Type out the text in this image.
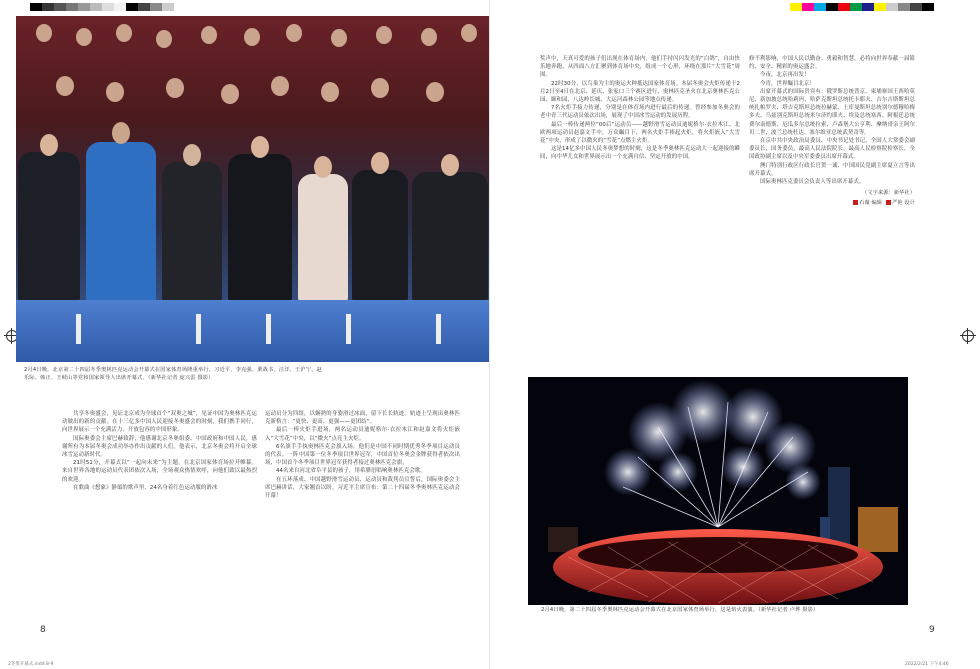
2月4日晚，北京第二十四届冬季奥林匹克运动会开幕式在国家体育场隆重举行。习近平、李克强、栗战书、汪洋、王沪宁、赵乐际、韩正、王岐山等党和国家领导人出席开幕式。（新华社记者 庞兴雷 摄影）

共享冬奥盛会，见证北京成为全球首个“双奥之城”，见证中国为奥林匹克运动做出的新的贡献。在十三亿多中国人民迎接冬奥盛会的时刻，我们携手同行，向世界展示一个充满活力、开放包容的中国形象。

国际奥委会主席巴赫致辞，他感谢北京冬奥组委、中国政府和中国人民，感谢所有为本届冬奥会成功举办作出贡献的人们。他表示，北京冬奥会将开启全球冰雪运动新时代。

21时51分，开幕式以“一起向未来”为主题，在北京国家体育场拉开帷幕。来自世界各地的运动员代表团依次入场，全场观众热情欢呼，向他们致以最热烈的欢迎。

在歌曲《想象》静谧的歌声里，24名身着红色运动服的滑冰

运动员分为四组，以娴熟的身姿滑过冰面，留下长长轨迹。轨迹上呈现出奥林匹克新格言：“更快、更高、更强——更团结”。

最后一棒火炬手进场，两名运动员迪妮格尔·衣拉木江和赵嘉文将火炬嵌入“大雪花”中央，以“微火”点亮主火炬。

6名旗手手执奥林匹克会旗入场，他们是中国不同时期优秀冬季项目运动员的代表。一阵中国第一位冬季项目世界冠军，中国首位冬奥会金牌获得者依次出场，中国首个冬季项目世界冠军获得者接过奥林匹克会旗。

44名来自河北省阜平县的孩子，用希腊语唱响奥林匹克会歌。

在五环落成、中国越野滑雪运动员、运动员和裁判员宣誓后，国际奥委会主席巴赫讲话，大家翘首以盼。习近平主席宣布：第二十四届冬季奥林匹克运动会开幕！

8
2冬奥开幕式.indd 8-9

奖声中，天真可爱的孩子们出现在体育场内，他们手持闪闪发光的“白鸽”，自由快乐地奔跑，从四面八方汇聚到体育场中央，组成一个心形，环绕在那片“大雪花”周围。

22时30分，以鸟巢为主的奥运火种抵达国家体育场。本届冬奥会火炬传递于2月2日至4日在北京、延庆、张家口三个赛区进行，奥林匹克圣火在北京奥林匹克公园、颐和园、八达岭长城、大运河森林公园等地点传递。

7名火炬手接力传递，分别是在体育场内进行最后的传递。曾经参加冬奥会的老中青三代运动员依次出场，展现了中国冰雪运动的发展历程。

最后一棒传递两位“00后”运动员——越野滑雪运动员迪妮格尔·衣拉木江、北欧两项运动员赵嘉文手中，万众瞩目下，两名火炬手捧起火炬，将火炬嵌入“大雪花”中央，形成了以微火的“雪花”点燃主火炬。

这是14亿多中国人民冬奥梦想的时刻，这是冬季奥林匹克运动大一起迎接的瞬间，向中华儿女和世界展示出一个充满自信、坚定开放的中国。

修不利影响，中国人民以勤奋、勇毅和智慧，必将向世界奉献一届简约、安全、精彩的奥运盛会。

今夜，北京再出发！

今宵，世界瞩目北京！

出席开幕式的国际贵宾有：俄罗斯总统普京、柬埔寨国王西哈莫尼、新加坡总统哈莉玛、哈萨克斯坦总统托卡耶夫、吉尔吉斯斯坦总统扎帕罗夫、塔吉克斯坦总统拉赫蒙、土库曼斯坦总统别尔德穆哈梅多夫、乌兹别克斯坦总统米尔济约耶夫、埃及总统塞西、阿根廷总统费尔南德斯、厄瓜多尔总统拉索、卢森堡大公亨利、摩纳哥亲王阿尔贝二世、波兰总统杜达、塞尔维亚总统武契奇等。

在京中共中央政治局委员、中央书记处书记，全国人大常委会副委员长，国务委员，最高人民法院院长，最高人民检察院检察长，全国政协副主席以及中央军委委员出席开幕式。

澳门特别行政区行政长官贺一诚、中国国民党副主席夏立言等出席开幕式。

国际奥林匹克委员会负责人等出席开幕式。

（文字来源：新华社）
石薇 编辑	严艳 设计
2月4日晚，第二十四届冬季奥林匹克运动会开幕式在北京国家体育场举行。这是焰火表演。（新华社记者 卢烨 摄影）
9
2022/2/21 下午4:46
